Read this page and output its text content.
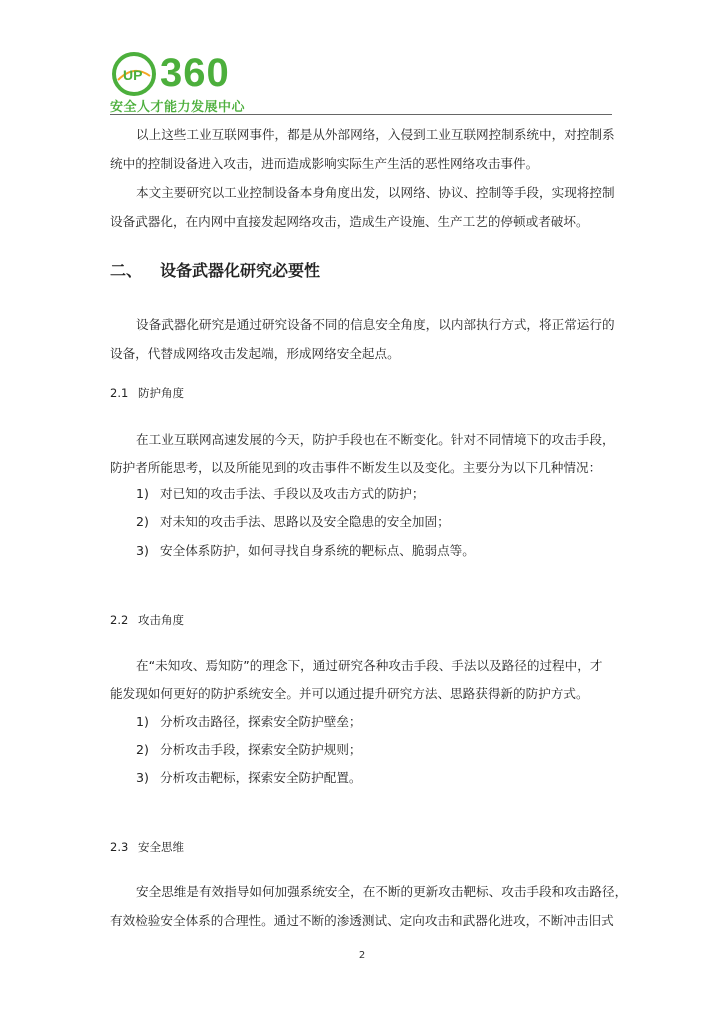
UP 360
安全人才能力发展中心
以上这些工业互联网事件，都是从外部网络，入侵到工业互联网控制系统中，对控制系
统中的控制设备进入攻击，进而造成影响实际生产生活的恶性网络攻击事件。
本文主要研究以工业控制设备本身角度出发，以网络、协议、控制等手段，实现将控制
设备武器化，在内网中直接发起网络攻击，造成生产设施、生产工艺的停顿或者破坏。
二、 设备武器化研究必要性
设备武器化研究是通过研究设备不同的信息安全角度，以内部执行方式，将正常运行的
设备，代替成网络攻击发起端，形成网络安全起点。
2.1 防护角度
在工业互联网高速发展的今天，防护手段也在不断变化。针对不同情境下的攻击手段，
防护者所能思考，以及所能见到的攻击事件不断发生以及变化。主要分为以下几种情况：
1) 对已知的攻击手法、手段以及攻击方式的防护；
2) 对未知的攻击手法、思路以及安全隐患的安全加固；
3) 安全体系防护，如何寻找自身系统的靶标点、脆弱点等。
2.2 攻击角度
在“未知攻、焉知防”的理念下，通过研究各种攻击手段、手法以及路径的过程中，才
能发现如何更好的防护系统安全。并可以通过提升研究方法、思路获得新的防护方式。
1) 分析攻击路径，探索安全防护壁垒；
2) 分析攻击手段，探索安全防护规则；
3) 分析攻击靶标，探索安全防护配置。
2.3 安全思维
安全思维是有效指导如何加强系统安全，在不断的更新攻击靶标、攻击手段和攻击路径，
有效检验安全体系的合理性。通过不断的渗透测试、定向攻击和武器化进攻，不断冲击旧式
2
